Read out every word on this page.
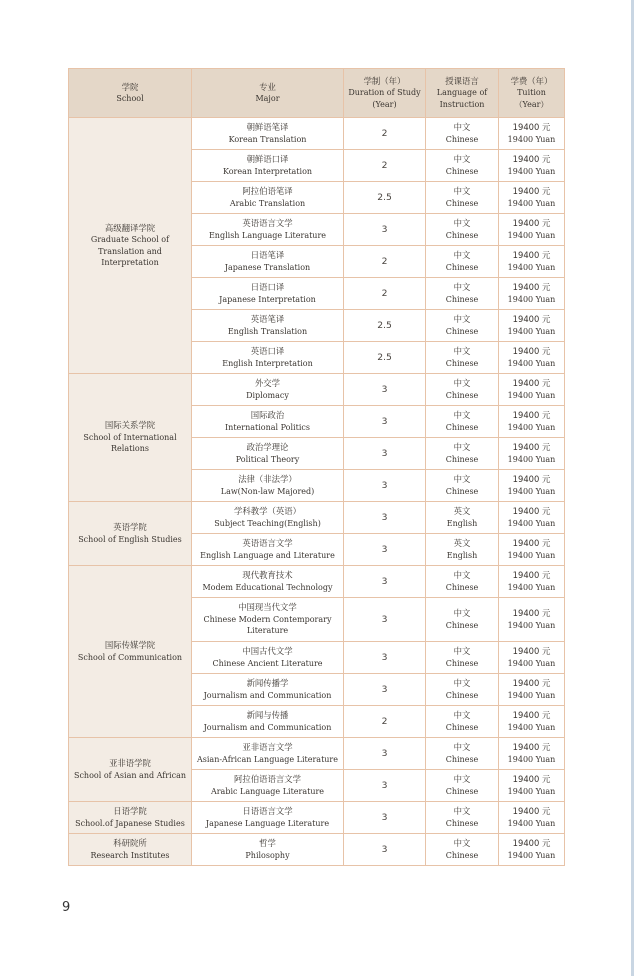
学院
School	专业
Major	学制（年）
Duration of Study (Year)	授课语言
Language of Instruction	学费（年）
Tuition
（Year）

高级翻译学院
Graduate School of Translation and Interpretation	朝鲜语笔译
Korean Translation	2	中文
Chinese	19400 元
19400 Yuan

	朝鲜语口译
Korean Interpretation	2	中文
Chinese	19400 元
19400 Yuan

	阿拉伯语笔译
Arabic Translation	2.5	中文
Chinese	19400 元
19400 Yuan

	英语语言文学
English Language Literature	3	中文
Chinese	19400 元
19400 Yuan

	日语笔译
Japanese Translation	2	中文
Chinese	19400 元
19400 Yuan

	日语口译
Japanese Interpretation	2	中文
Chinese	19400 元
19400 Yuan

	英语笔译
English Translation	2.5	中文
Chinese	19400 元
19400 Yuan

	英语口译
English Interpretation	2.5	中文
Chinese	19400 元
19400 Yuan

国际关系学院
School of International Relations	外交学
Diplomacy	3	中文
Chinese	19400 元
19400 Yuan

	国际政治
International Politics	3	中文
Chinese	19400 元
19400 Yuan

	政治学理论
Political Theory	3	中文
Chinese	19400 元
19400 Yuan

	法律（非法学）
Law(Non-law Majored)	3	中文
Chinese	19400 元
19400 Yuan

英语学院
School of English Studies	学科教学（英语）
Subject Teaching(English)	3	英文
English	19400 元
19400 Yuan

	英语语言文学
English Language and Literature	3	英文
English	19400 元
19400 Yuan

国际传媒学院
School of Communication	现代教育技术
Modem Educational Technology	3	中文
Chinese	19400 元
19400 Yuan

	中国现当代文学
Chinese Modern Contemporary Literature	3	中文
Chinese	19400 元
19400 Yuan

	中国古代文学
Chinese Ancient Literature	3	中文
Chinese	19400 元
19400 Yuan

	新闻传播学
Journalism and Communication	3	中文
Chinese	19400 元
19400 Yuan

	新闻与传播
Journalism and Communication	2	中文
Chinese	19400 元
19400 Yuan

亚非语学院
School of Asian and African	亚非语言文学
Asian-African Language Literature	3	中文
Chinese	19400 元
19400 Yuan

	阿拉伯语语言文学
Arabic Language Literature	3	中文
Chinese	19400 元
19400 Yuan

日语学院
School.of Japanese Studies	日语语言文学
Japanese Language Literature	3	中文
Chinese	19400 元
19400 Yuan

科研院所
Research Institutes	哲学
Philosophy	3	中文
Chinese	19400 元
19400 Yuan
9
